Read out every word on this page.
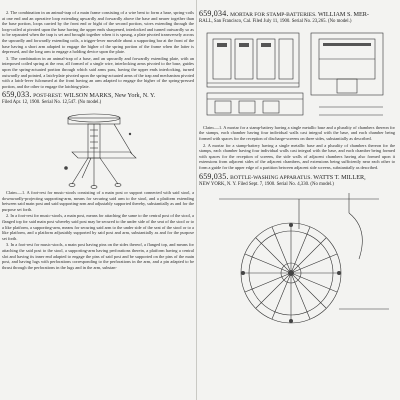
2. The combination in an animal-trap of a main frame consisting of a wire bent to form a base, spring-coils at one end and an operative loop extending upwardly and forwardly above the base and nearer together than the base portion, loops carried by the front end or bight of the second portion, wires extending through the loop-coiled at pivoted upon the base having the upper ends sharpened, interlocked and turned outwardly so as to be separated when the trap is set and brought together when it is sprung, a plate pivoted transversely across the upwardly and forwardly extending coils, a trigger-lever movable about a supporting bar at the front of the base having a short arm adapted to engage the higher of the spring portion of the frame when the latter is depressed, and the long arm to engage a holding device upon the plate.

3. The combination in an animal-trap of a base, and an upwardly and forwardly extending plate, with an interposed coiled spring at the rear, all formed of a single wire, interlocking arms pivoted to the base, guides upon the spring-actuated portion through which said arms pass, having the upper ends interlocking, turned outwardly and pointed, a latch-plate pivoted upon the spring-actuated arms of the trap and mechanism pivoted with a latch-lever fulcrumed at the front having an arm adapted to engage the higher of the spring-pressed portion, and the other to engage the latching-plate.

659,033. POST-REST. WILSON MARKS, New York, N. Y.
Filed Apr. 12, 1900. Serial No. 12,547. (No model.)

Claim.—1. A foot-rest for music-stools consisting of a main post or support connected with said stool, a downwardly-projecting supporting-arm, means for securing said arm to the stool, and a platform extending between said main post and said supporting-arm and adjustably supported thereby, substantially as and for the purpose set forth.

2. In a foot-rest for music-stools, a main post, means for attaching the same to the central post of the stool, a flanged top for said main post whereby said post may be secured to the under side of the seat of the stool or to a like platform, a supporting-arm, means for securing said arm to the under side of the seat of the stool or to a like platform, and a platform adjustably supported by said post and arm, substantially as and for the purpose set forth.

3. In a foot-rest for music-stools, a main post having pins on the sides thereof, a flanged top, and means for attaching the said post to the stool, a supporting-arm having perforations therein, a platform having a central slot and having its inner end adapted to engage the pins of said post and be supported on the pins of the main post, and having lugs with perforations corresponding to the perforations in the arm, and a pin adapted to be thrust through the perforations in the lugs and in the arm, substan-

659,034. MORTAR FOR STAMP-BATTERIES. WILLIAM S. MER-
RALL, San Francisco, Cal. Filed July 11, 1900. Serial No. 23,265. (No model.)

Claim.—1. A mortar for a stamp-battery having a single metallic base and a plurality of chambers thereon for the stamps, each chamber having four individual walls cast integral with the base, and each chamber being formed with spaces for the reception of discharge-screens on three sides, substantially as described.

2. A mortar for a stamp-battery having a single metallic base and a plurality of chambers thereon for the stamps, each chamber having four individual walls cast integral with the base, and each chamber being formed with spaces for the reception of screens, the side walls of adjacent chambers having also formed upon it extensions from adjacent sides of the adjacent chambers, and extensions being sufficiently near each other to form a guide for the upper edge of a partition between adjacent side screens, substantially as described.

659,035. BOTTLE-WASHING APPARATUS. WATTS T. MILLER,
NEW YORK, N. Y. Filed Sept. 7, 1900. Serial No. 4,330. (No model.)
